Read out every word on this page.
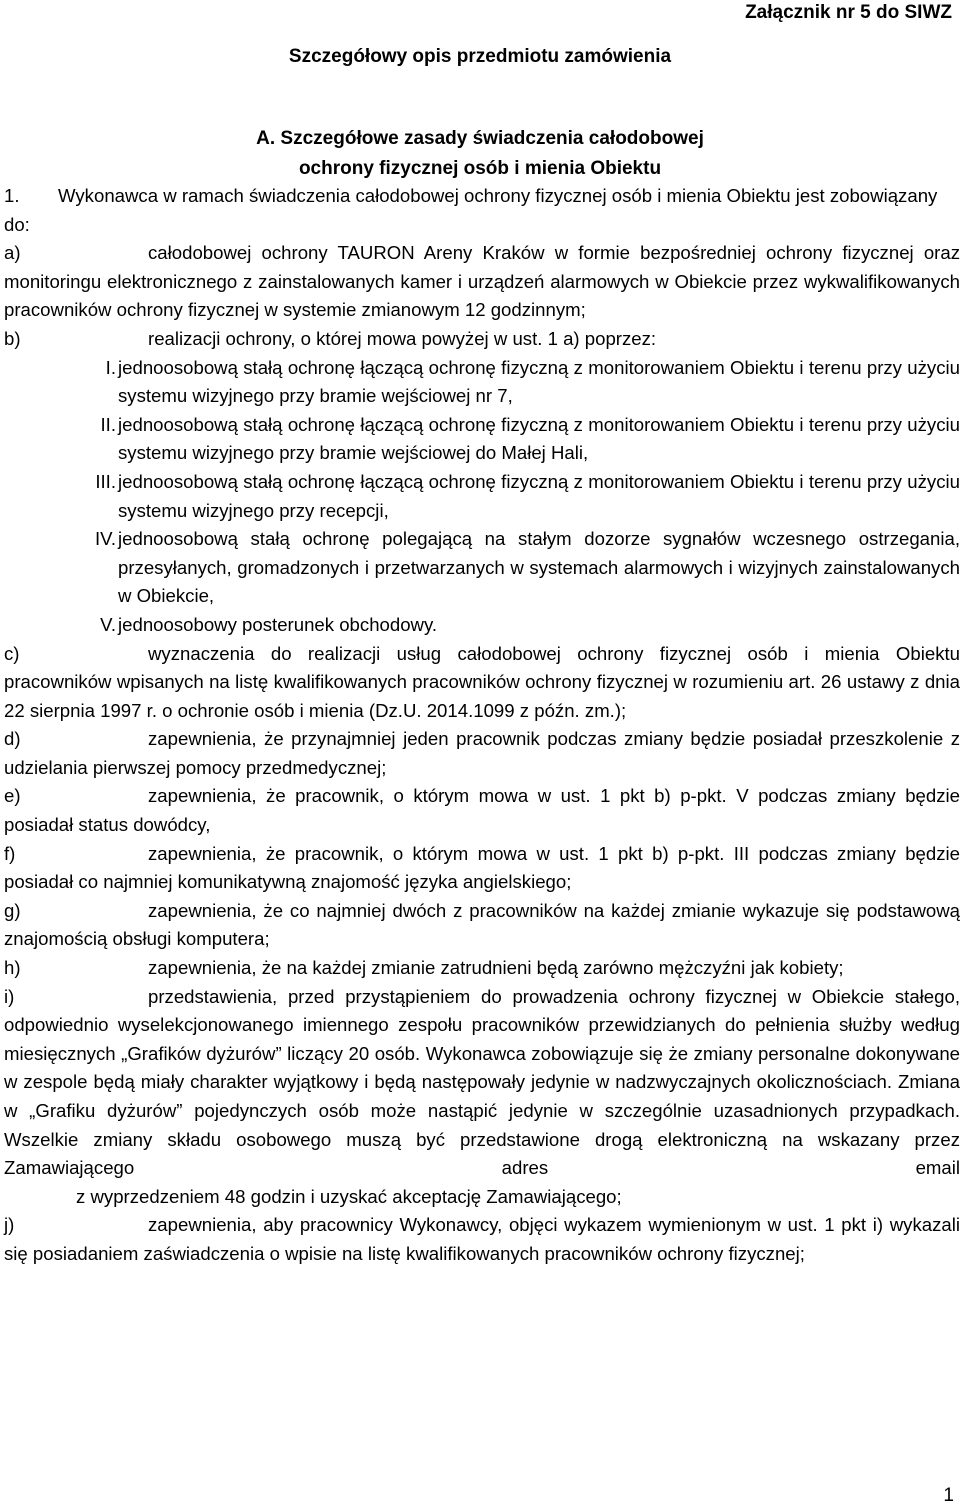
Załącznik nr 5 do SIWZ
Szczegółowy opis przedmiotu zamówienia
A. Szczegółowe zasady świadczenia całodobowej
ochrony fizycznej osób i mienia Obiektu

1.	Wykonawca w ramach świadczenia całodobowej ochrony fizycznej osób i mienia Obiektu jest zobowiązany do:

a)	całodobowej ochrony TAURON Areny Kraków w formie bezpośredniej ochrony fizycznej oraz monitoringu elektronicznego z zainstalowanych kamer i urządzeń alarmowych w Obiekcie przez wykwalifikowanych pracowników ochrony fizycznej w systemie zmianowym 12 godzinnym;

b)	realizacji ochrony, o której mowa powyżej w ust. 1 a) poprzez:

I. jednoosobową stałą ochronę łączącą ochronę fizyczną z monitorowaniem Obiektu i terenu przy użyciu systemu wizyjnego przy bramie wejściowej nr 7,

II. jednoosobową stałą ochronę łączącą ochronę fizyczną z monitorowaniem Obiektu i terenu przy użyciu systemu wizyjnego przy bramie wejściowej do Małej Hali,

III. jednoosobową stałą ochronę łączącą ochronę fizyczną z monitorowaniem Obiektu i terenu przy użyciu systemu wizyjnego przy recepcji,

IV. jednoosobową stałą ochronę polegającą na stałym dozorze sygnałów wczesnego ostrzegania, przesyłanych, gromadzonych i przetwarzanych w systemach alarmowych i wizyjnych zainstalowanych w Obiekcie,

V. jednoosobowy posterunek obchodowy.

c)	wyznaczenia do realizacji usług całodobowej ochrony fizycznej osób i mienia Obiektu pracowników wpisanych na listę kwalifikowanych pracowników ochrony fizycznej w rozumieniu art. 26 ustawy z dnia 22 sierpnia 1997 r. o ochronie osób i mienia (Dz.U. 2014.1099 z późn. zm.);

d)	zapewnienia, że przynajmniej jeden pracownik podczas zmiany będzie posiadał przeszkolenie z udzielania pierwszej pomocy przedmedycznej;

e)	zapewnienia, że pracownik, o którym mowa w ust. 1 pkt b) p-pkt. V podczas zmiany będzie posiadał status dowódcy,

f)	zapewnienia, że pracownik, o którym mowa w ust. 1 pkt b) p-pkt. III podczas zmiany będzie posiadał co najmniej komunikatywną znajomość języka angielskiego;

g)	zapewnienia, że co najmniej dwóch z pracowników na każdej zmianie wykazuje się podstawową znajomością obsługi komputera;

h)	zapewnienia, że na każdej zmianie zatrudnieni będą zarówno mężczyźni jak kobiety;

i)	przedstawienia, przed przystąpieniem do prowadzenia ochrony fizycznej w Obiekcie stałego, odpowiednio wyselekcjonowanego imiennego zespołu pracowników przewidzianych do pełnienia służby według miesięcznych „Grafików dyżurów” liczący 20 osób. Wykonawca zobowiązuje się że zmiany personalne dokonywane w zespole będą miały charakter wyjątkowy i będą następowały jedynie w nadzwyczajnych okolicznościach. Zmiana w „Grafiku dyżurów” pojedynczych osób może nastąpić jedynie w szczególnie uzasadnionych przypadkach. Wszelkie zmiany składu osobowego muszą być przedstawione drogą elektroniczną na wskazany przez Zamawiającego adres email
z wyprzedzeniem 48 godzin i uzyskać akceptację Zamawiającego;

j)	zapewnienia, aby pracownicy Wykonawcy, objęci wykazem wymienionym w ust. 1 pkt i) wykazali się posiadaniem zaświadczenia o wpisie na listę kwalifikowanych pracowników ochrony fizycznej;

1
